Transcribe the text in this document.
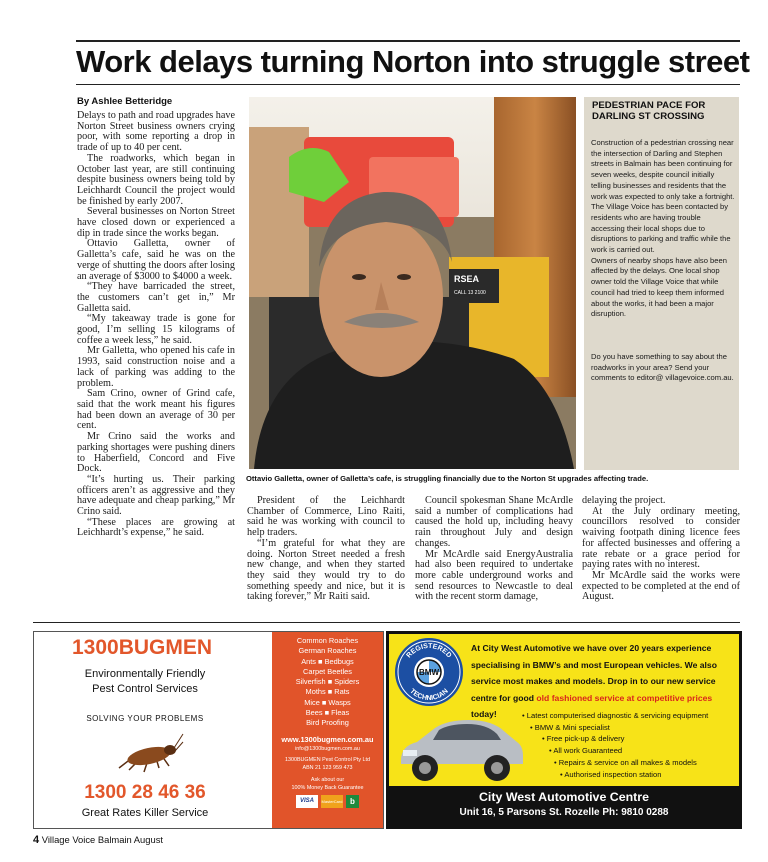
Work delays turning Norton into struggle street
By Ashlee Betteridge

Delays to path and road upgrades have Norton Street business owners crying poor, with some reporting a drop in trade of up to 40 per cent.

The roadworks, which began in October last year, are still continuing despite business owners being told by Leichhardt Council the project would be finished by early 2007.

Several businesses on Norton Street have closed down or experienced a dip in trade since the works began.

Ottavio Galletta, owner of Galletta’s cafe, said he was on the verge of shutting the doors after losing an average of $3000 to $4000 a week.

“They have barricaded the street, the customers can’t get in,” Mr Galletta said.

“My takeaway trade is gone for good, I’m selling 15 kilograms of coffee a week less,” he said.

Mr Galletta, who opened his cafe in 1993, said construction noise and a lack of parking was adding to the problem.

Sam Crino, owner of Grind cafe, said that the work meant his figures had been down an average of 30 per cent.

Mr Crino said the works and parking shortages were pushing diners to Haberfield, Concord and Five Dock.

“It’s hurting us. Their parking officers aren’t as aggressive and they have adequate and cheap parking,” Mr Crino said.

“These places are growing at Leichhardt’s expense,” he said.

RSEA
CALL 13 2100
Ottavio Galletta, owner of Galletta’s cafe, is struggling financially due to the Norton St upgrades affecting trade.
PEDESTRIAN PACE FOR DARLING ST CROSSING

Construction of a pedestrian crossing near the intersection of Darling and Stephen streets in Balmain has been continuing for seven weeks, despite council initially telling businesses and residents that the work was expected to only take a fortnight. The Village Voice has been contacted by residents who are having trouble accessing their local shops due to disruptions to parking and traffic while the work is carried out.

Owners of nearby shops have also been affected by the delays. One local shop owner told the Village Voice that while council had tried to keep them informed about the works, it had been a major disruption.

Do you have something to say about the roadworks in your area? Send your comments to editor@ villagevoice.com.au.

President of the Leichhardt Chamber of Commerce, Lino Raiti, said he was working with council to help traders.

“I’m grateful for what they are doing. Norton Street needed a fresh new change, and when they started they said they would try to do something speedy and nice, but it is taking forever,” Mr Raiti said.

Council spokesman Shane McArdle said a number of complications had caused the hold up, including heavy rain throughout July and design changes.

Mr McArdle said EnergyAustralia had also been required to undertake more cable underground works and send resources to Newcastle to deal with the recent storm damage,

delaying the project.

At the July ordinary meeting, councillors resolved to consider waiving footpath dining licence fees for affected businesses and offering a rate rebate or a grace period for paying rates with no interest.

Mr McArdle said the works were expected to be completed at the end of August.

1300BUGMEN
Environmentally Friendly
Pest Control Services
SOLVING YOUR PROBLEMS
1300 28 46 36
Great Rates Killer Service
Common Roaches
German Roaches
Ants ■ Bedbugs
Carpet Beetles
Silverfish ■ Spiders
Moths ■ Rats
Mice ■ Wasps
Bees ■ Fleas
Bird Proofing
www.1300bugmen.com.au
info@1300bugmen.com.au
1300BUGMEN Pest Control Pty Ltd
ABN 21 123 959 473
Ask about our
100% Money Back Guarantee
VISA	MasterCard b
REGISTERED
TECHNICIAN
BMW
At City West Automotive we have over 20 years experience specialising in BMW’s and most European vehicles. We also service most makes and models. Drop in to our new service centre for good old fashioned service at competitive prices today!	• Latest computerised diagnostic & servicing equipment
• BMW & Mini specialist
• Free pick-up & delivery
• All work Guaranteed
• Repairs & service on all makes & models
• Authorised inspection station
City West Automotive Centre
Unit 16, 5 Parsons St. Rozelle Ph: 9810 0288
4 Village Voice Balmain August
